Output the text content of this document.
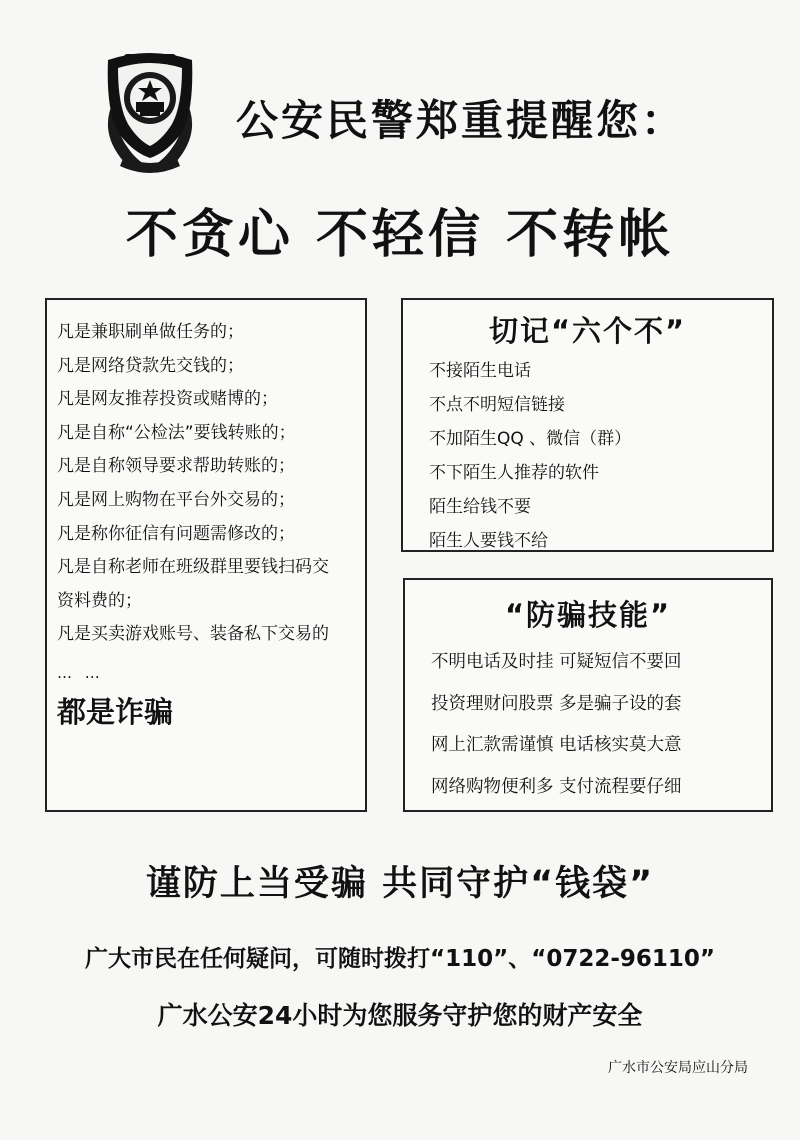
公安民警郑重提醒您：
不贪心 不轻信 不转帐
凡是兼职刷单做任务的；
凡是网络贷款先交钱的；
凡是网友推荐投资或赌博的；
凡是自称“公检法”要钱转账的；
凡是自称领导要求帮助转账的；
凡是网上购物在平台外交易的；
凡是称你征信有问题需修改的；
凡是自称老师在班级群里要钱扫码交
资料费的；
凡是买卖游戏账号、装备私下交易的
… …
都是诈骗
切记“六个不”
不接陌生电话
不点不明短信链接
不加陌生QQ 、微信（群）
不下陌生人推荐的软件
陌生给钱不要
陌生人要钱不给
“防骗技能”
不明电话及时挂 可疑短信不要回
投资理财问股票 多是骗子设的套
网上汇款需谨慎 电话核实莫大意
网络购物便利多 支付流程要仔细
谨防上当受骗 共同守护“钱袋”
广大市民在任何疑问，可随时拨打“110”、“0722-96110”
广水公安24小时为您服务守护您的财产安全
广水市公安局应山分局
